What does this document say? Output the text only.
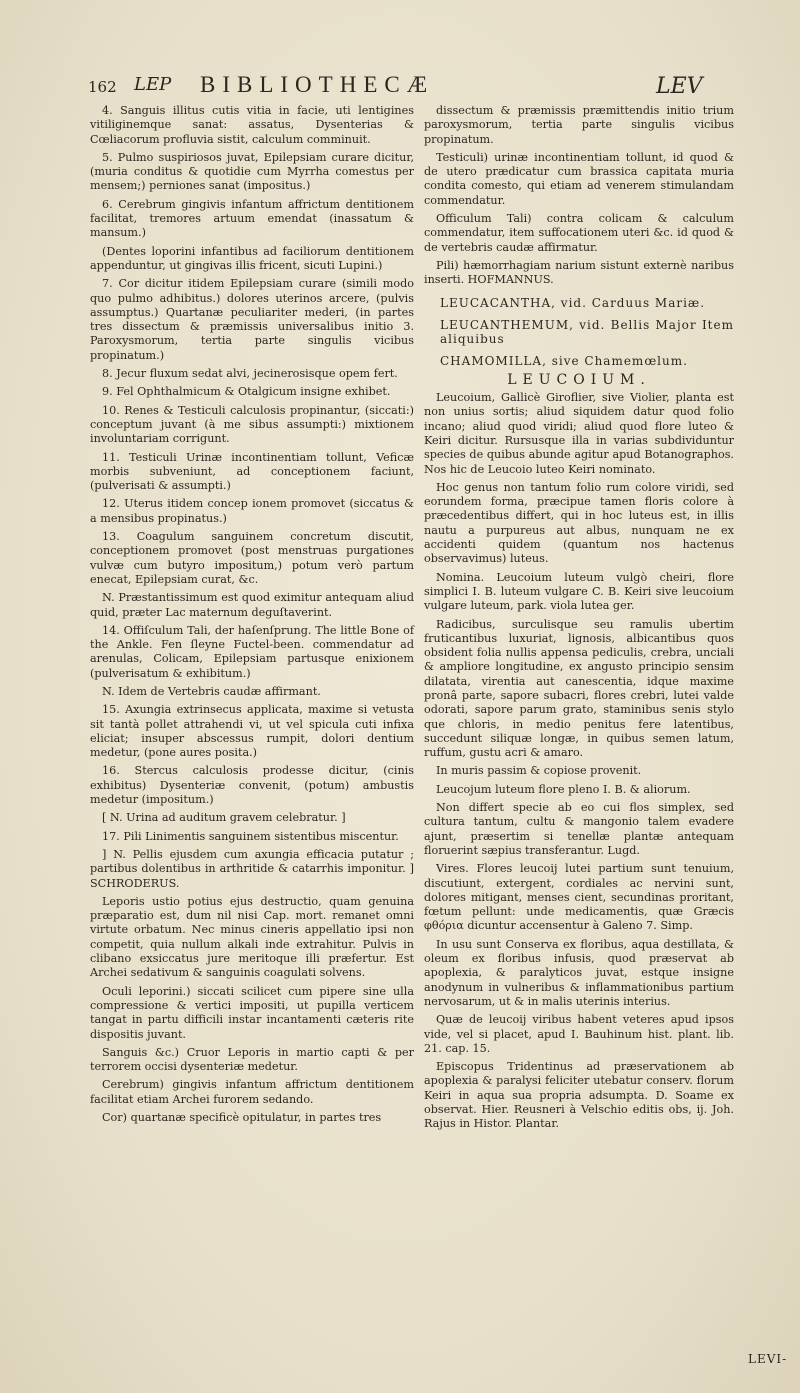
162 LEP BIBLIOTHECÆ	LEV

4. Sanguis illitus cutis vitia in facie, uti lentigines vitiliginemque sanat: assatus, Dysenterias & Cœliacorum profluvia sistit, calculum comminuit.

5. Pulmo suspiriosos juvat, Epilepsiam curare dicitur, (muria conditus & quotidie cum Myrrha comestus per mensem;) perniones sanat (impositus.)

6. Cerebrum gingivis infantum affrictum dentitionem facilitat, tremores artuum emendat (inassatum & mansum.)

(Dentes loporini infantibus ad faciliorum dentitionem appenduntur, ut gingivas illis fricent, sicuti Lupini.)

7. Cor dicitur itidem Epilepsiam curare (simili modo quo pulmo adhibitus.) dolores uterinos arcere, (pulvis assumptus.) Quartanæ peculiariter mederi, (in partes tres dissectum & præmissis universalibus initio 3. Paroxysmorum, tertia parte singulis vicibus propinatum.)

8. Jecur fluxum sedat alvi, jecinerosisque opem fert.

9. Fel Ophthalmicum & Otalgicum insigne exhibet.

10. Renes & Testiculi calculosis propinantur, (siccati:) conceptum juvant (à me sibus assumpti:) mixtionem involuntariam corrigunt.

11. Testiculi Urinæ incontinentiam tollunt, Veficæ morbis subveniunt, ad conceptionem faciunt, (pulverisati & assumpti.)

12. Uterus itidem concep ionem promovet (siccatus & a mensibus propinatus.)

13. Coagulum sanguinem concretum discutit, conceptionem promovet (post menstruas purgationes vulvæ cum butyro impositum,) potum verò partum enecat, Epilepsiam curat, &c.

N. Præstantissimum est quod eximitur antequam aliud quid, præter Lac maternum deguſtaverint.

14. Offiſculum Tali, der haſenſprung. The little Bone of the Ankle. Fen ſleyne Fuctel-been. commendatur ad arenulas, Colicam, Epilepsiam partusque enixionem (pulverisatum & exhibitum.)

N. Idem de Vertebris caudæ affirmant.

15. Axungia extrinsecus applicata, maxime si vetusta sit tantà pollet attrahendi vi, ut vel spicula cuti infixa eliciat; insuper abscessus rumpit, dolori dentium medetur, (pone aures posita.)

16. Stercus calculosis prodesse dicitur, (cinis exhibitus) Dysenteriæ convenit, (potum) ambustis medetur (impositum.)

[ N. Urina ad auditum gravem celebratur. ]

17. Pili Linimentis sanguinem sistentibus miscentur.

] N. Pellis ejusdem cum axungia efficacia putatur ; partibus dolentibus in arthritide & catarrhis imponitur. ] SCHRODERUS.

Leporis ustio potius ejus destructio, quam genuina præparatio est, dum nil nisi Cap. mort. remanet omni virtute orbatum. Nec minus cineris appellatio ipsi non competit, quia nullum alkali inde extrahitur. Pulvis in clibano exsiccatus jure meritoque illi præfertur. Est Archei sedativum & sanguinis coagulati solvens.

Oculi leporini.) siccati scilicet cum pipere sine ulla compressione & vertici impositi, ut pupilla verticem tangat in partu difficili instar incantamenti cæteris rite dispositis juvant.

Sanguis &c.) Cruor Leporis in martio capti & per terrorem occisi dysenteriæ medetur.

Cerebrum) gingivis infantum affrictum dentitionem facilitat etiam Archei furorem sedando.

Cor) quartanæ specificè opitulatur, in partes tres

dissectum & præmissis præmittendis initio trium paroxysmorum, tertia parte singulis vicibus propinatum.

Testiculi) urinæ incontinentiam tollunt, id quod & de utero prædicatur cum brassica capitata muria condita comesto, qui etiam ad venerem stimulandam commendatur.

Officulum Tali) contra colicam & calculum commendatur, item suffocationem uteri &c. id quod & de vertebris caudæ affirmatur.

Pili) hæmorrhagiam narium sistunt externè naribus inserti. HOFMANNUS.

LEUCACANTHA, vid. Carduus Mariæ.

LEUCANTHEMUM, vid. Bellis Major Item aliquibus

CHAMOMILLA, sive Chamemœlum.

LEUCOIUM.

Leucoium, Gallicè Giroflier, sive Violier, planta est non unius sortis; aliud siquidem datur quod folio incano; aliud quod viridi; aliud quod flore luteo & Keiri dicitur. Rursusque illa in varias subdividuntur species de quibus abunde agitur apud Botanographos. Nos hic de Leucoio luteo Keiri nominato.

Hoc genus non tantum folio rum colore viridi, sed eorundem forma, præcipue tamen floris colore à præcedentibus differt, qui in hoc luteus est, in illis nautu a purpureus aut albus, nunquam ne ex accidenti quidem (quantum nos hactenus observavimus) luteus.

Nomina. Leucoium luteum vulgò cheiri, flore simplici I. B. luteum vulgare C. B. Keiri sive leucoium vulgare luteum, park. viola lutea ger.

Radicibus, surculisque seu ramulis ubertim fruticantibus luxuriat, lignosis, albicantibus quos obsident folia nullis appensa pediculis, crebra, unciali & ampliore longitudine, ex angusto principio sensim dilatata, virentia aut canescentia, idque maxime pronâ parte, sapore subacri, flores crebri, lutei valde odorati, sapore parum grato, staminibus senis stylo que chloris, in medio penitus fere latentibus, succedunt siliquæ longæ, in quibus semen latum, ruffum, gustu acri & amaro.

In muris passim & copiose provenit.

Leucojum luteum flore pleno I. B. & aliorum.

Non differt specie ab eo cui flos simplex, sed cultura tantum, cultu & mangonio talem evadere ajunt, præsertim si tenellæ plantæ antequam floruerint sæpius transferantur. Lugd.

Vires. Flores leucoij lutei partium sunt tenuium, discutiunt, extergent, cordiales ac nervini sunt, dolores mitigant, menses cient, secundinas proritant, fœtum pellunt: unde medicamentis, quæ Græcis φθόρια dicuntur accensentur à Galeno 7. Simp.

In usu sunt Conserva ex floribus, aqua destillata, & oleum ex floribus infusis, quod præservat ab apoplexia, & paralyticos juvat, estque insigne anodynum in vulneribus & inflammationibus partium nervosarum, ut & in malis uterinis interius.

Quæ de leucoij viribus habent veteres apud ipsos vide, vel si placet, apud I. Bauhinum hist. plant. lib. 21. cap. 15.

Episcopus Tridentinus ad præservationem ab apoplexia & paralysi feliciter utebatur conserv. florum Keiri in aqua sua propria adsumpta. D. Soame ex observat. Hier. Reusneri à Velschio editis obs, ij. Joh. Rajus in Histor. Plantar.

LEVI-
